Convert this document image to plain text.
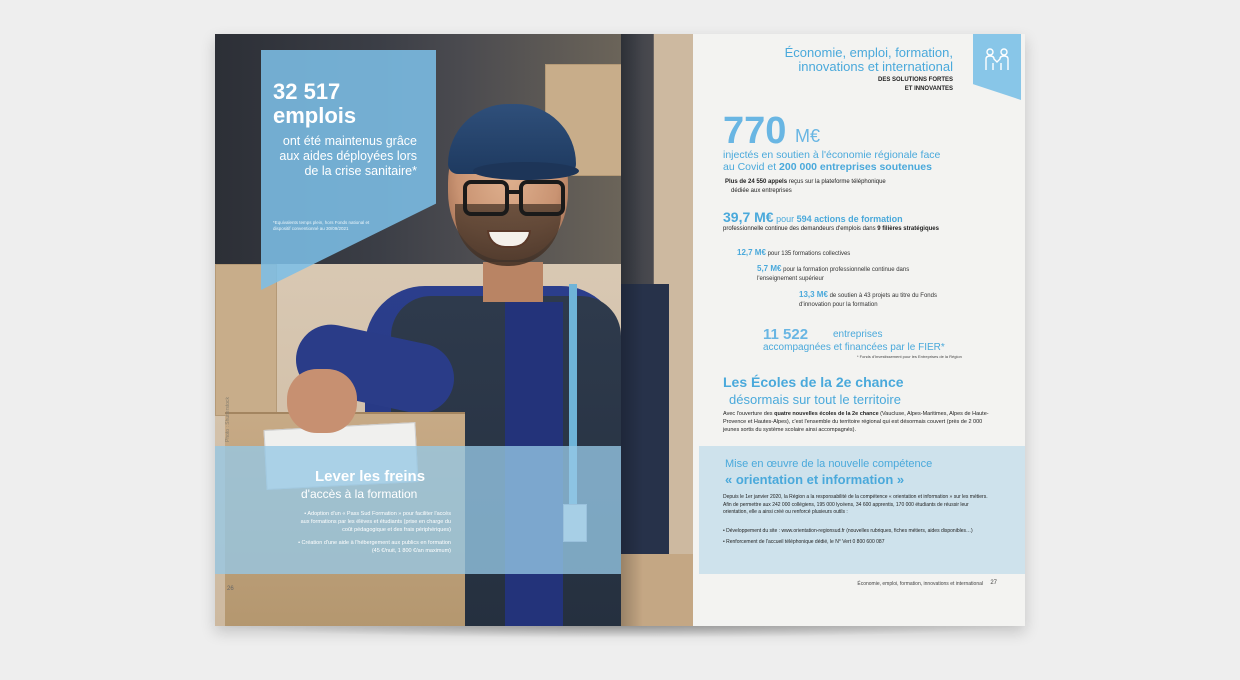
Photo : Shutterstock
32 517
emplois
ont été maintenus grâce aux aides déployées lors de la crise sanitaire*
*Equivalents temps plein, hors Fonds national et dispositif conventionné au 30/09/2021
Lever les freins
d'accès à la formation
• Adoption d'un « Pass Sud Formation » pour faciliter l'accès aux formations par les élèves et étudiants (prise en charge du coût pédagogique et des frais périphériques)
• Création d'une aide à l'hébergement aux publics en formation (45 €/nuit, 1 800 €/an maximum)
26
Économie, emploi, formation,
innovations et international
DES SOLUTIONS FORTES
ET INNOVANTES
770 M€
injectés en soutien à l'économie régionale face
au Covid et 200 000 entreprises soutenues
Plus de 24 550 appels reçus sur la plateforme téléphonique
dédiée aux entreprises
39,7 M€ pour 594 actions de formation
professionnelle continue des demandeurs d'emplois dans 9 filières stratégiques
12,7 M€ pour 135 formations collectives
5,7 M€ pour la formation professionnelle continue dans
l'enseignement supérieur
13,3 M€ de soutien à 43 projets au titre du Fonds
d'innovation pour la formation
11 522 entreprises
accompagnées et financées par le FIER*
* Fonds d'Investissement pour les Entreprises de la Région
Les Écoles de la 2e chance
désormais sur tout le territoire
Avec l'ouverture des quatre nouvelles écoles de la 2e chance (Vaucluse, Alpes-Maritimes, Alpes de Haute-Provence et Hautes-Alpes), c'est l'ensemble du territoire régional qui est désormais couvert (près de 2 000 jeunes sortis du système scolaire ainsi accompagnés).
Mise en œuvre de la nouvelle compétence
« orientation et information »
Depuis le 1er janvier 2020, la Région a la responsabilité de la compétence « orientation et information » sur les métiers. Afin de permettre aux 242 000 collégiens, 195 000 lycéens, 34 600 apprentis, 170 000 étudiants de réussir leur orientation, elle a ainsi créé ou renforcé plusieurs outils :
• Développement du site : www.orientation-regionsud.fr (nouvelles rubriques, fiches métiers, aides disponibles…)
• Renforcement de l'accueil téléphonique dédié, le N° Vert 0 800 600 087
Économie, emploi, formation, innovations et international 27
